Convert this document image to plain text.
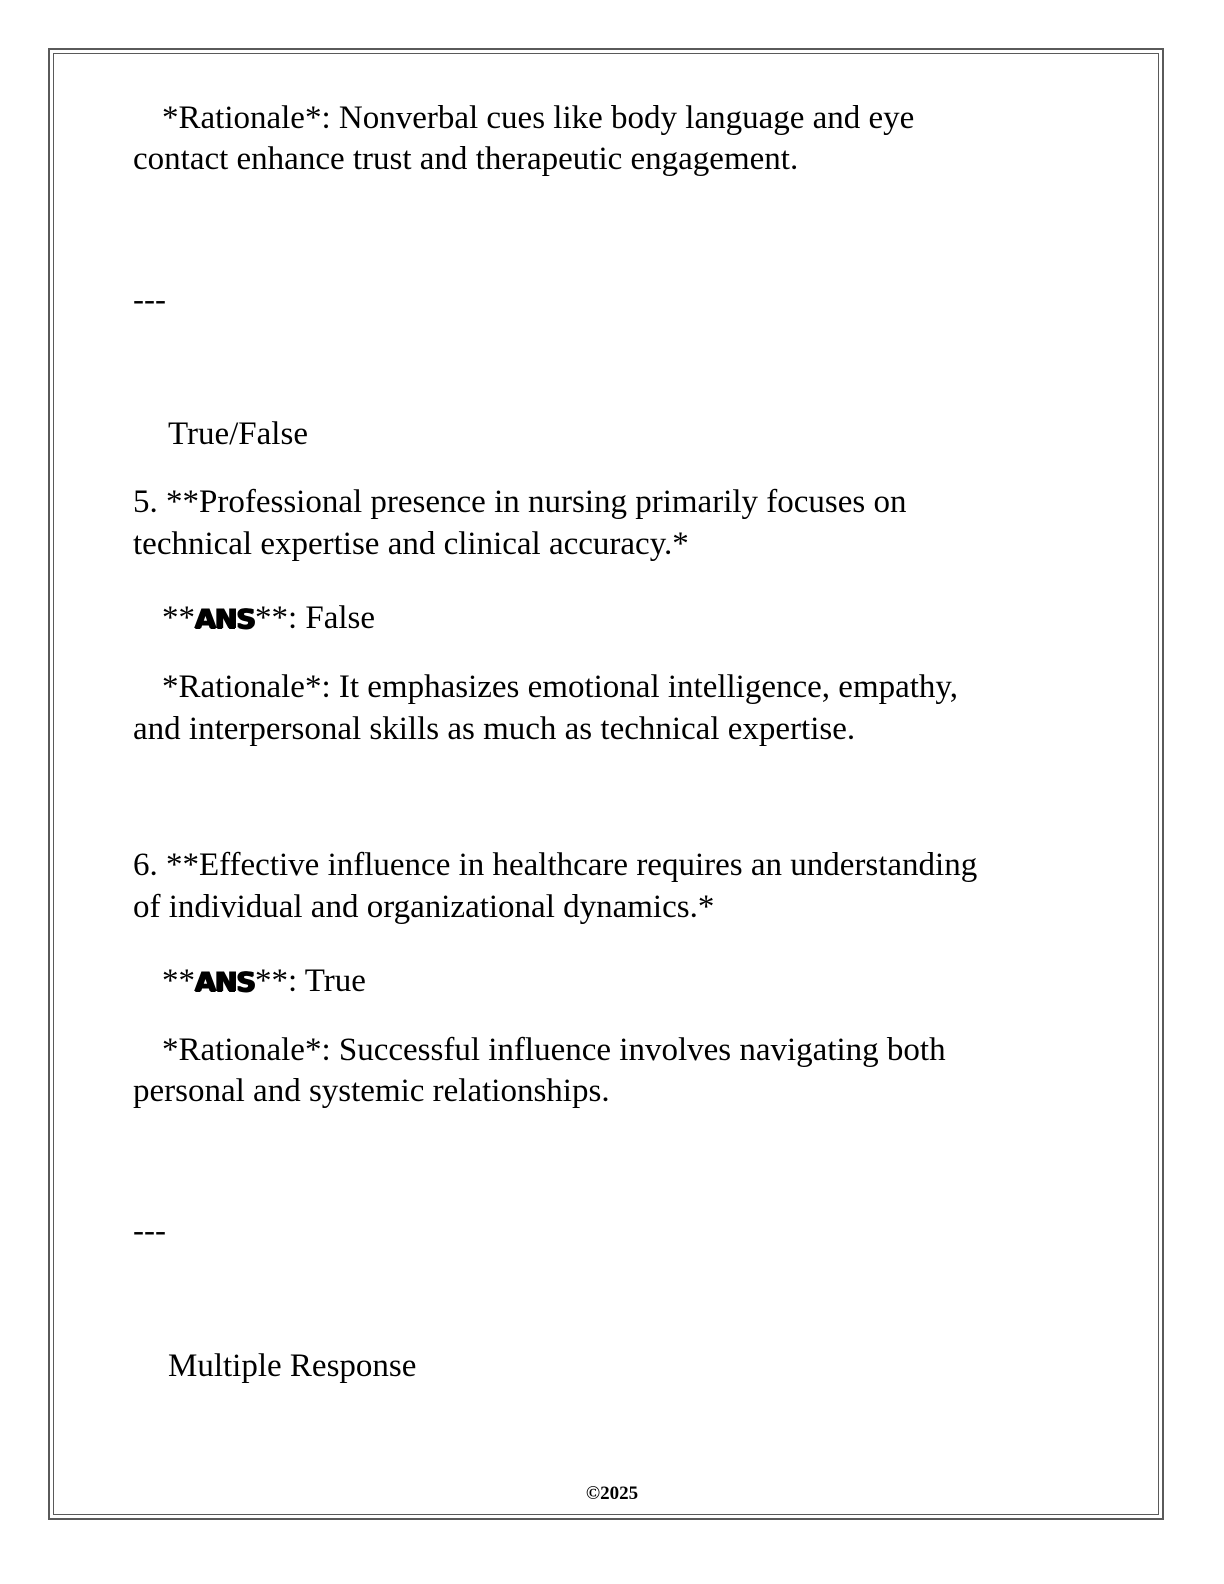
*Rationale*: Nonverbal cues like body language and eye

contact enhance trust and therapeutic engagement.

---

True/False

5. **Professional presence in nursing primarily focuses on

technical expertise and clinical accuracy.*

**ANS**: False

*Rationale*: It emphasizes emotional intelligence, empathy,

and interpersonal skills as much as technical expertise.

6. **Effective influence in healthcare requires an understanding

of individual and organizational dynamics.*

**ANS**: True

*Rationale*: Successful influence involves navigating both

personal and systemic relationships.

---

Multiple Response

©2025
